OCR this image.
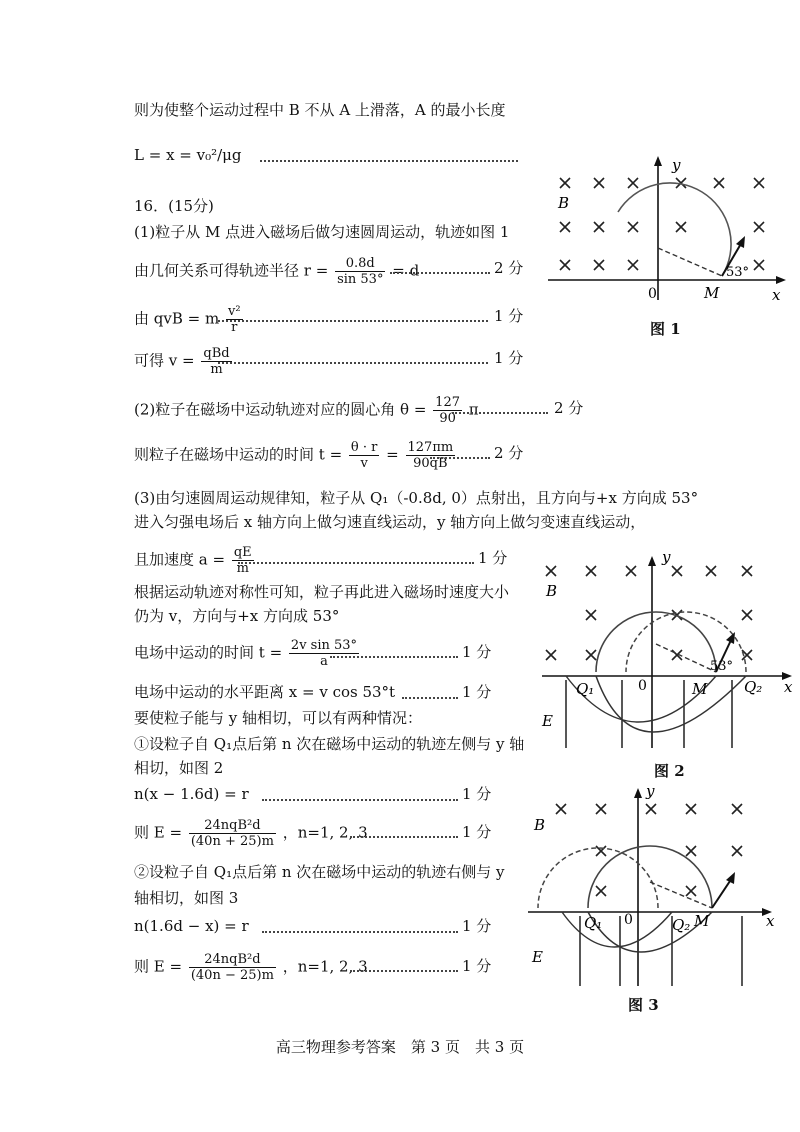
则为使整个运动过程中 B 不从 A 上滑落，A 的最小长度
L = x = v₀²/μg
16．(15分)
(1)粒子从 M 点进入磁场后做匀速圆周运动，轨迹如图 1
由几何关系可得轨迹半径 $r = \frac{0.8d}{\sin 53^\circ} = d$	2 分
由 qvB = m $\frac{\text{v²}}{r}$	1 分
可得 $v = \frac{\text{qBd}}{m}$	1 分
(2)粒子在磁场中运动轨迹对应的圆心角 $\theta = \frac{127}{90}$ π	2 分
则粒子在磁场中运动的时间 $t = \frac{\theta \cdot r}{v} = \frac{127\pi m}{90qB}$	2 分
(3)由匀速圆周运动规律知，粒子从 Q₁（-0.8d, 0）点射出，且方向与+x 方向成 53°
进入匀强电场后 x 轴方向上做匀速直线运动，y 轴方向上做匀变速直线运动，
且加速度 $a = \frac{qE}{m}$	1 分
根据运动轨迹对称性可知，粒子再此进入磁场时速度大小
仍为 v，方向与+x 方向成 53°
电场中运动的时间 $t = \frac{\text{2v sin 53°}}{a}$	1 分
电场中运动的水平距离 x = v cos 53°t	1 分
要使粒子能与 y 轴相切，可以有两种情况：
①设粒子自 Q₁点后第 n 次在磁场中运动的轨迹左侧与 y 轴
相切，如图 2
n(x − 1.6d) = r	1 分
则 $E = \frac{\text{24nqB²d}}{(40n + 25)m}$ ，n=1, 2, 3	1 分
②设粒子自 Q₁点后第 n 次在磁场中运动的轨迹右侧与 y
轴相切，如图 3
n(1.6d − x) = r	1 分
则 $E = \frac{\text{24nqB²d}}{(40n - 25)m}$ ，n=1, 2, 3	1 分
53°
B
y
x
0	M
图 1
53°
B
E
y
x
0	M
Q₁	Q₂
图 2
B
E
y
x
0	M
Q₁	Q₂
图 3
高三物理参考答案　第 3 页　共 3 页
